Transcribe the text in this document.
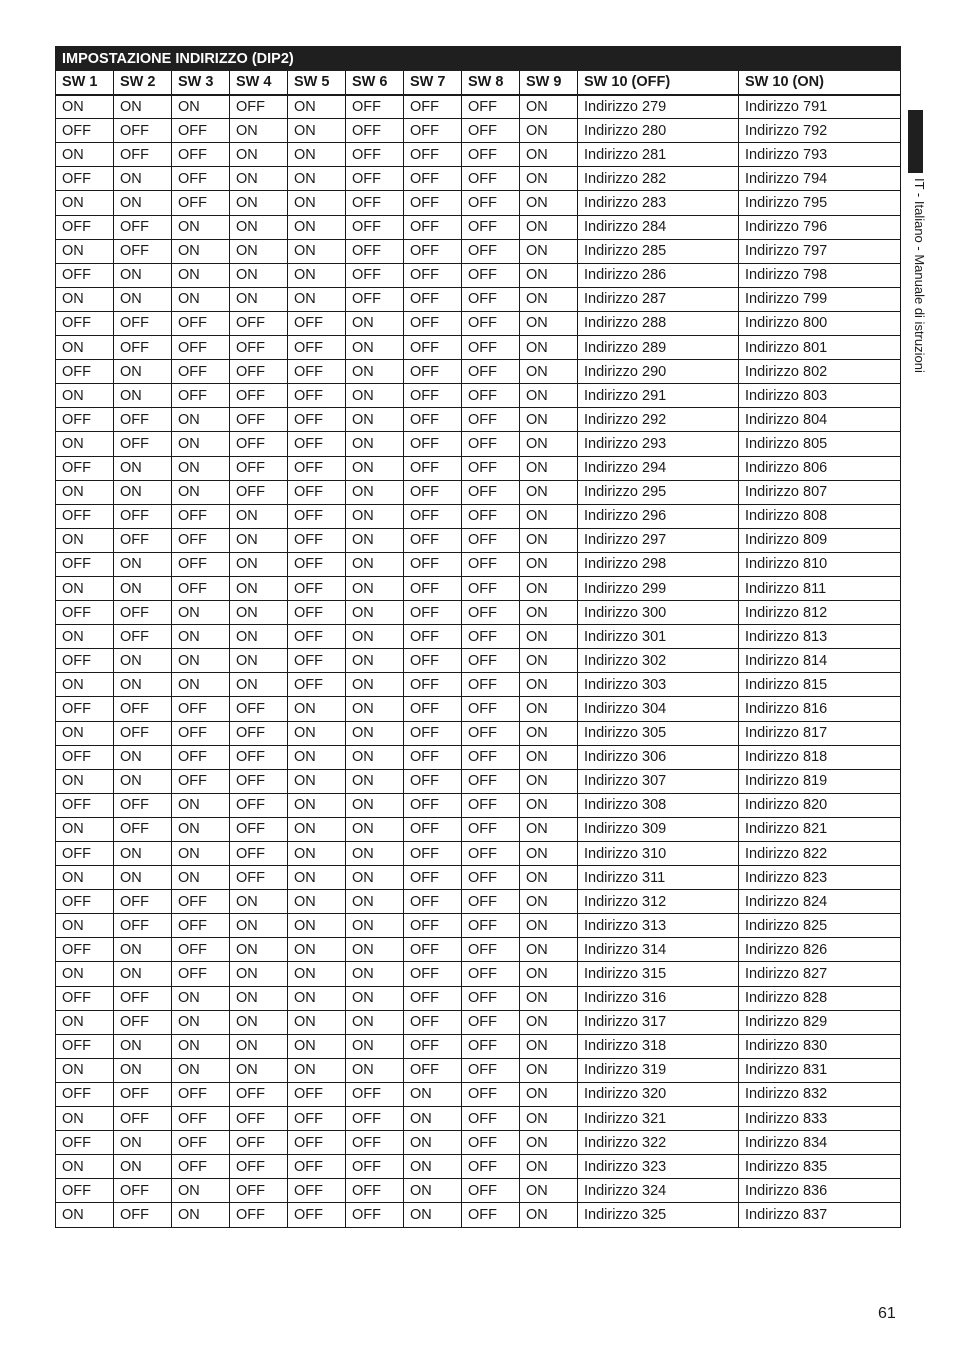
IMPOSTAZIONE INDIRIZZO (DIP2)										
SW 1	SW 2	SW 3	SW 4	SW 5	SW 6	SW 7	SW 8	SW 9	SW 10 (OFF)	SW 10 (ON)
ON	ON	ON	OFF	ON	OFF	OFF	OFF	ON	Indirizzo 279	Indirizzo 791
OFF	OFF	OFF	ON	ON	OFF	OFF	OFF	ON	Indirizzo 280	Indirizzo 792
ON	OFF	OFF	ON	ON	OFF	OFF	OFF	ON	Indirizzo 281	Indirizzo 793
OFF	ON	OFF	ON	ON	OFF	OFF	OFF	ON	Indirizzo 282	Indirizzo 794
ON	ON	OFF	ON	ON	OFF	OFF	OFF	ON	Indirizzo 283	Indirizzo 795
OFF	OFF	ON	ON	ON	OFF	OFF	OFF	ON	Indirizzo 284	Indirizzo 796
ON	OFF	ON	ON	ON	OFF	OFF	OFF	ON	Indirizzo 285	Indirizzo 797
OFF	ON	ON	ON	ON	OFF	OFF	OFF	ON	Indirizzo 286	Indirizzo 798
ON	ON	ON	ON	ON	OFF	OFF	OFF	ON	Indirizzo 287	Indirizzo 799
OFF	OFF	OFF	OFF	OFF	ON	OFF	OFF	ON	Indirizzo 288	Indirizzo 800
ON	OFF	OFF	OFF	OFF	ON	OFF	OFF	ON	Indirizzo 289	Indirizzo 801
OFF	ON	OFF	OFF	OFF	ON	OFF	OFF	ON	Indirizzo 290	Indirizzo 802
ON	ON	OFF	OFF	OFF	ON	OFF	OFF	ON	Indirizzo 291	Indirizzo 803
OFF	OFF	ON	OFF	OFF	ON	OFF	OFF	ON	Indirizzo 292	Indirizzo 804
ON	OFF	ON	OFF	OFF	ON	OFF	OFF	ON	Indirizzo 293	Indirizzo 805
OFF	ON	ON	OFF	OFF	ON	OFF	OFF	ON	Indirizzo 294	Indirizzo 806
ON	ON	ON	OFF	OFF	ON	OFF	OFF	ON	Indirizzo 295	Indirizzo 807
OFF	OFF	OFF	ON	OFF	ON	OFF	OFF	ON	Indirizzo 296	Indirizzo 808
ON	OFF	OFF	ON	OFF	ON	OFF	OFF	ON	Indirizzo 297	Indirizzo 809
OFF	ON	OFF	ON	OFF	ON	OFF	OFF	ON	Indirizzo 298	Indirizzo 810
ON	ON	OFF	ON	OFF	ON	OFF	OFF	ON	Indirizzo 299	Indirizzo 811
OFF	OFF	ON	ON	OFF	ON	OFF	OFF	ON	Indirizzo 300	Indirizzo 812
ON	OFF	ON	ON	OFF	ON	OFF	OFF	ON	Indirizzo 301	Indirizzo 813
OFF	ON	ON	ON	OFF	ON	OFF	OFF	ON	Indirizzo 302	Indirizzo 814
ON	ON	ON	ON	OFF	ON	OFF	OFF	ON	Indirizzo 303	Indirizzo 815
OFF	OFF	OFF	OFF	ON	ON	OFF	OFF	ON	Indirizzo 304	Indirizzo 816
ON	OFF	OFF	OFF	ON	ON	OFF	OFF	ON	Indirizzo 305	Indirizzo 817
OFF	ON	OFF	OFF	ON	ON	OFF	OFF	ON	Indirizzo 306	Indirizzo 818
ON	ON	OFF	OFF	ON	ON	OFF	OFF	ON	Indirizzo 307	Indirizzo 819
OFF	OFF	ON	OFF	ON	ON	OFF	OFF	ON	Indirizzo 308	Indirizzo 820
ON	OFF	ON	OFF	ON	ON	OFF	OFF	ON	Indirizzo 309	Indirizzo 821
OFF	ON	ON	OFF	ON	ON	OFF	OFF	ON	Indirizzo 310	Indirizzo 822
ON	ON	ON	OFF	ON	ON	OFF	OFF	ON	Indirizzo 311	Indirizzo 823
OFF	OFF	OFF	ON	ON	ON	OFF	OFF	ON	Indirizzo 312	Indirizzo 824
ON	OFF	OFF	ON	ON	ON	OFF	OFF	ON	Indirizzo 313	Indirizzo 825
OFF	ON	OFF	ON	ON	ON	OFF	OFF	ON	Indirizzo 314	Indirizzo 826
ON	ON	OFF	ON	ON	ON	OFF	OFF	ON	Indirizzo 315	Indirizzo 827
OFF	OFF	ON	ON	ON	ON	OFF	OFF	ON	Indirizzo 316	Indirizzo 828
ON	OFF	ON	ON	ON	ON	OFF	OFF	ON	Indirizzo 317	Indirizzo 829
OFF	ON	ON	ON	ON	ON	OFF	OFF	ON	Indirizzo 318	Indirizzo 830
ON	ON	ON	ON	ON	ON	OFF	OFF	ON	Indirizzo 319	Indirizzo 831
OFF	OFF	OFF	OFF	OFF	OFF	ON	OFF	ON	Indirizzo 320	Indirizzo 832
ON	OFF	OFF	OFF	OFF	OFF	ON	OFF	ON	Indirizzo 321	Indirizzo 833
OFF	ON	OFF	OFF	OFF	OFF	ON	OFF	ON	Indirizzo 322	Indirizzo 834
ON	ON	OFF	OFF	OFF	OFF	ON	OFF	ON	Indirizzo 323	Indirizzo 835
OFF	OFF	ON	OFF	OFF	OFF	ON	OFF	ON	Indirizzo 324	Indirizzo 836
ON	OFF	ON	OFF	OFF	OFF	ON	OFF	ON	Indirizzo 325	Indirizzo 837
IT - Italiano - Manuale di istruzioni
61
